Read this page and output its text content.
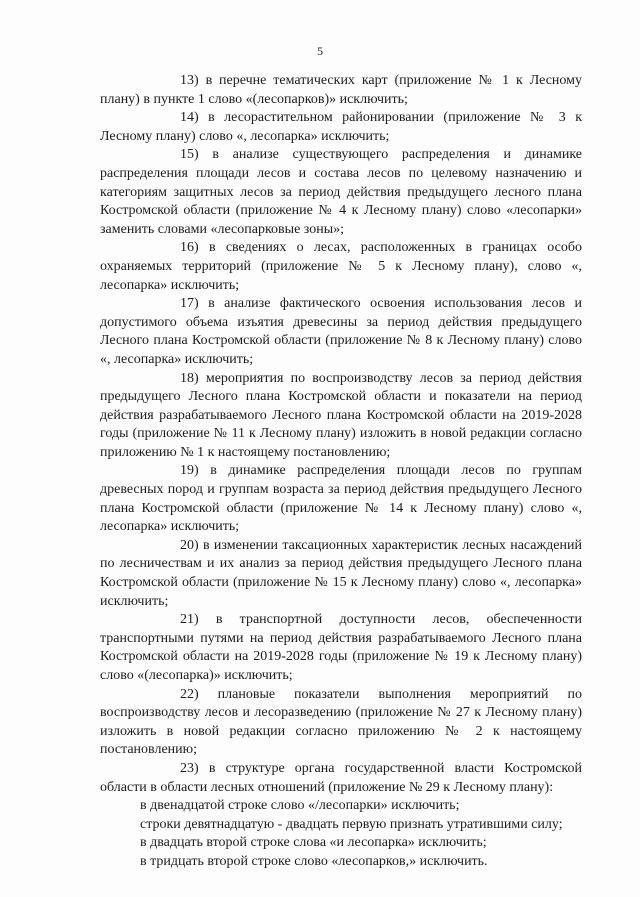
5

13) в перечне тематических карт (приложение № 1 к Лесному плану) в пункте 1 слово «(лесопарков)» исключить;

14) в лесорастительном районировании (приложение № 3 к Лесному плану) слово «, лесопарка» исключить;

15) в анализе существующего распределения и динамике распределения площади лесов и состава лесов по целевому назначению и категориям защитных лесов за период действия предыдущего лесного плана Костромской области (приложение № 4 к Лесному плану) слово «лесопарки» заменить словами «лесопарковые зоны»;

16) в сведениях о лесах, расположенных в границах особо охраняемых территорий (приложение № 5 к Лесному плану), слово «, лесопарка» исключить;

17) в анализе фактического освоения использования лесов и допустимого объема изъятия древесины за период действия предыдущего Лесного плана Костромской области (приложение № 8 к Лесному плану) слово «, лесопарка» исключить;

18) мероприятия по воспроизводству лесов за период действия предыдущего Лесного плана Костромской области и показатели на период действия разрабатываемого Лесного плана Костромской области на 2019-2028 годы (приложение № 11 к Лесному плану) изложить в новой редакции согласно приложению № 1 к настоящему постановлению;

19) в динамике распределения площади лесов по группам древесных пород и группам возраста за период действия предыдущего Лесного плана Костромской области (приложение № 14 к Лесному плану) слово «, лесопарка» исключить;

20) в изменении таксационных характеристик лесных насаждений по лесничествам и их анализ за период действия предыдущего Лесного плана Костромской области (приложение № 15 к Лесному плану) слово «, лесопарка» исключить;

21) в транспортной доступности лесов, обеспеченности транспортными путями на период действия разрабатываемого Лесного плана Костромской области на 2019-2028 годы (приложение № 19 к Лесному плану) слово «(лесопарка)» исключить;

22) плановые показатели выполнения мероприятий по воспроизводству лесов и лесоразведению (приложение № 27 к Лесному плану) изложить в новой редакции согласно приложению № 2 к настоящему постановлению;

23) в структуре органа государственной власти Костромской области в области лесных отношений (приложение № 29 к Лесному плану):

в двенадцатой строке слово «/лесопарки» исключить;

строки девятнадцатую - двадцать первую признать утратившими силу;

в двадцать второй строке слова «и лесопарка» исключить;

в тридцать второй строке слово «лесопарков,» исключить.
